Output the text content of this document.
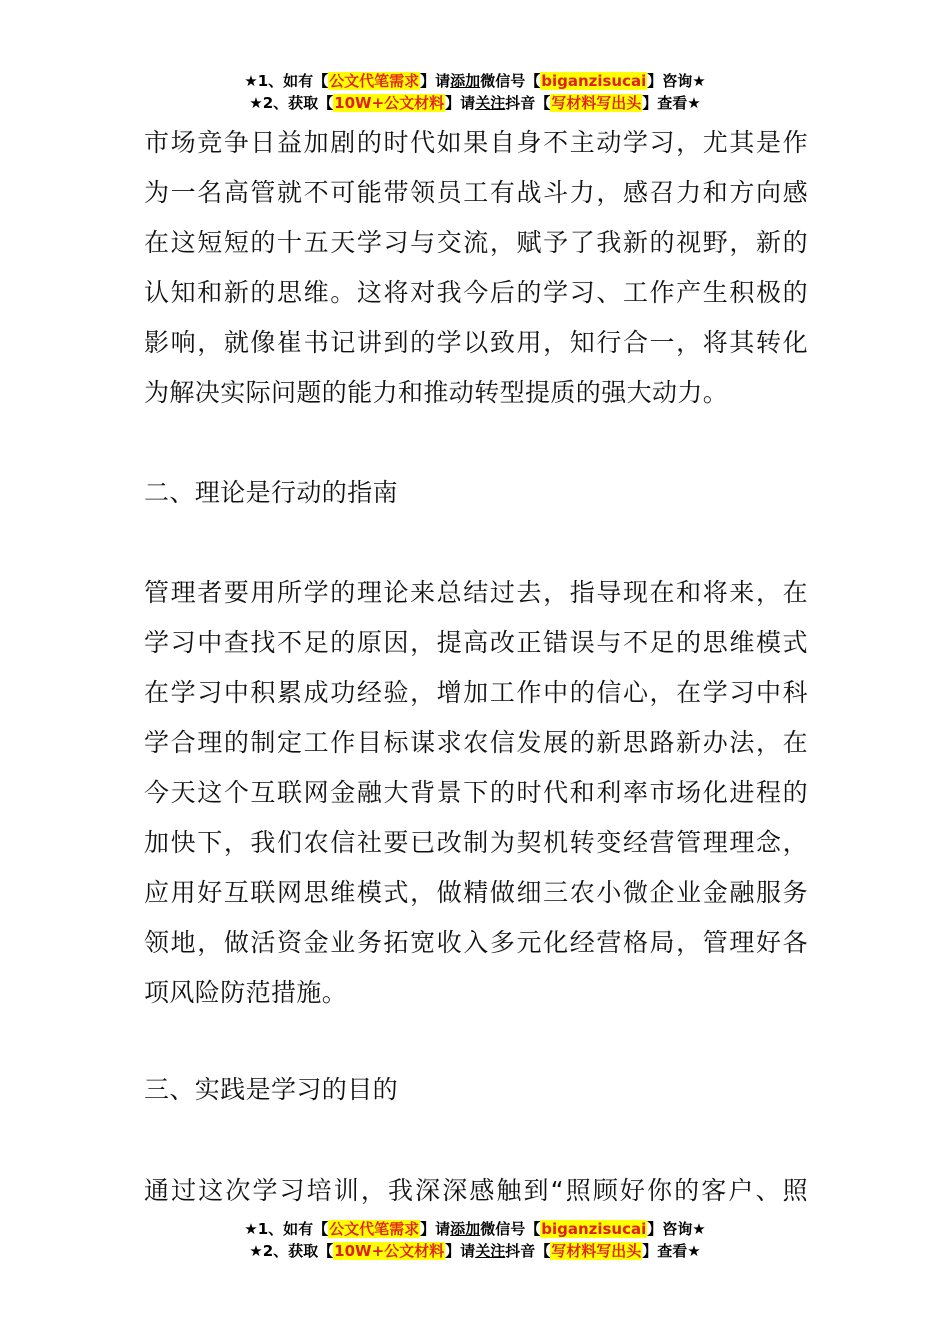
★1、如有【公文代笔需求】请添加微信号【biganzisucai】咨询★
★2、获取【10W+公文材料】请关注抖音【写材料写出头】查看★
市场竞争日益加剧的时代如果自身不主动学习，尤其是作
为一名高管就不可能带领员工有战斗力，感召力和方向感
在这短短的十五天学习与交流，赋予了我新的视野，新的
认知和新的思维。这将对我今后的学习、工作产生积极的
影响，就像崔书记讲到的学以致用，知行合一，将其转化
为解决实际问题的能力和推动转型提质的强大动力。
二、理论是行动的指南
管理者要用所学的理论来总结过去，指导现在和将来，在
学习中查找不足的原因，提高改正错误与不足的思维模式
在学习中积累成功经验，增加工作中的信心，在学习中科
学合理的制定工作目标谋求农信发展的新思路新办法，在
今天这个互联网金融大背景下的时代和利率市场化进程的
加快下，我们农信社要已改制为契机转变经营管理理念，
应用好互联网思维模式，做精做细三农小微企业金融服务
领地，做活资金业务拓宽收入多元化经营格局，管理好各
项风险防范措施。
三、实践是学习的目的
通过这次学习培训，我深深感触到“照顾好你的客户、照
★1、如有【公文代笔需求】请添加微信号【biganzisucai】咨询★
★2、获取【10W+公文材料】请关注抖音【写材料写出头】查看★
